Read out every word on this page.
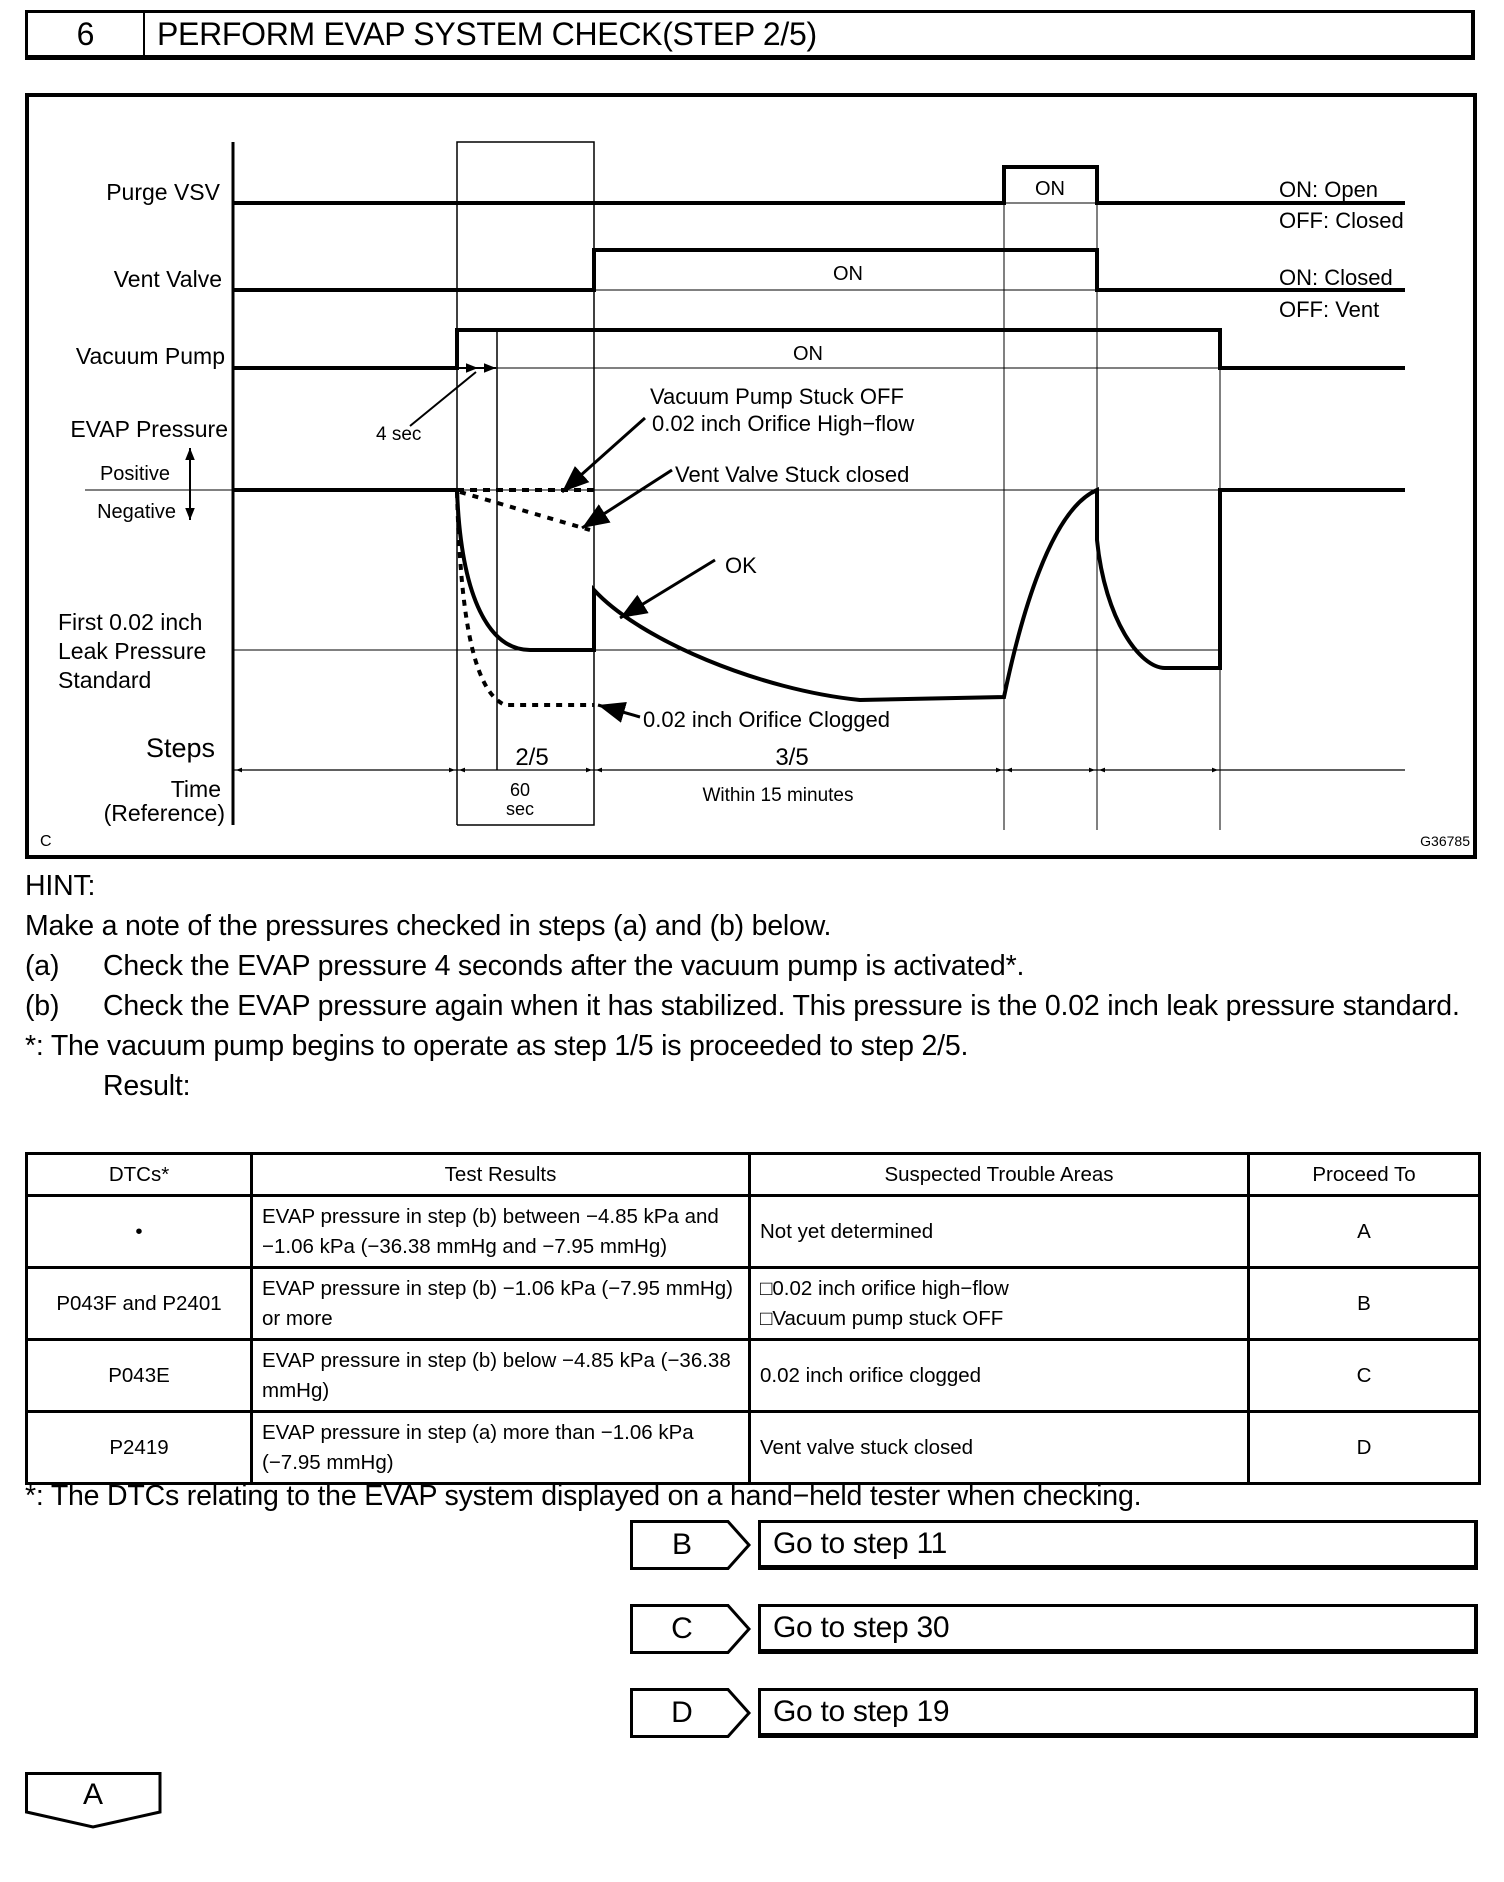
6	PERFORM EVAP SYSTEM CHECK(STEP 2/5)
Purge VSV
Vent Valve
Vacuum Pump
EVAP Pressure
Positive
Negative
First 0.02 inch
Leak Pressure
Standard
Steps
Time
(Reference)
ON
ON
ON
ON: Open
OFF: Closed
ON: Closed
OFF: Vent
4 sec
Vacuum Pump Stuck OFF
0.02 inch Orifice High−flow
Vent Valve Stuck closed
OK
0.02 inch Orifice Clogged
2/5	3/5
60
sec
Within 15 minutes
C	G36785
HINT:
Make a note of the pressures checked in steps (a) and (b) below.
(a)	Check the EVAP pressure 4 seconds after the vacuum pump is activated*.
(b)	Check the EVAP pressure again when it has stabilized. This pressure is the 0.02 inch leak pressure standard.
*: The vacuum pump begins to operate as step 1/5 is proceeded to step 2/5.
Result:
DTCs*	Test Results	Suspected Trouble Areas	Proceed To
•	EVAP pressure in step (b) between −4.85 kPa and −1.06 kPa (−36.38 mmHg and −7.95 mmHg)	Not yet determined	A
P043F and P2401	EVAP pressure in step (b) −1.06 kPa (−7.95 mmHg) or more	□0.02 inch orifice high−flow
□Vacuum pump stuck OFF	B
P043E	EVAP pressure in step (b) below −4.85 kPa (−36.38 mmHg)	0.02 inch orifice clogged	C
P2419	EVAP pressure in step (a) more than −1.06 kPa (−7.95 mmHg)	Vent valve stuck closed	D
*: The DTCs relating to the EVAP system displayed on a hand−held tester when checking.
B	Go to step 11
C	Go to step 30
D	Go to step 19
A
